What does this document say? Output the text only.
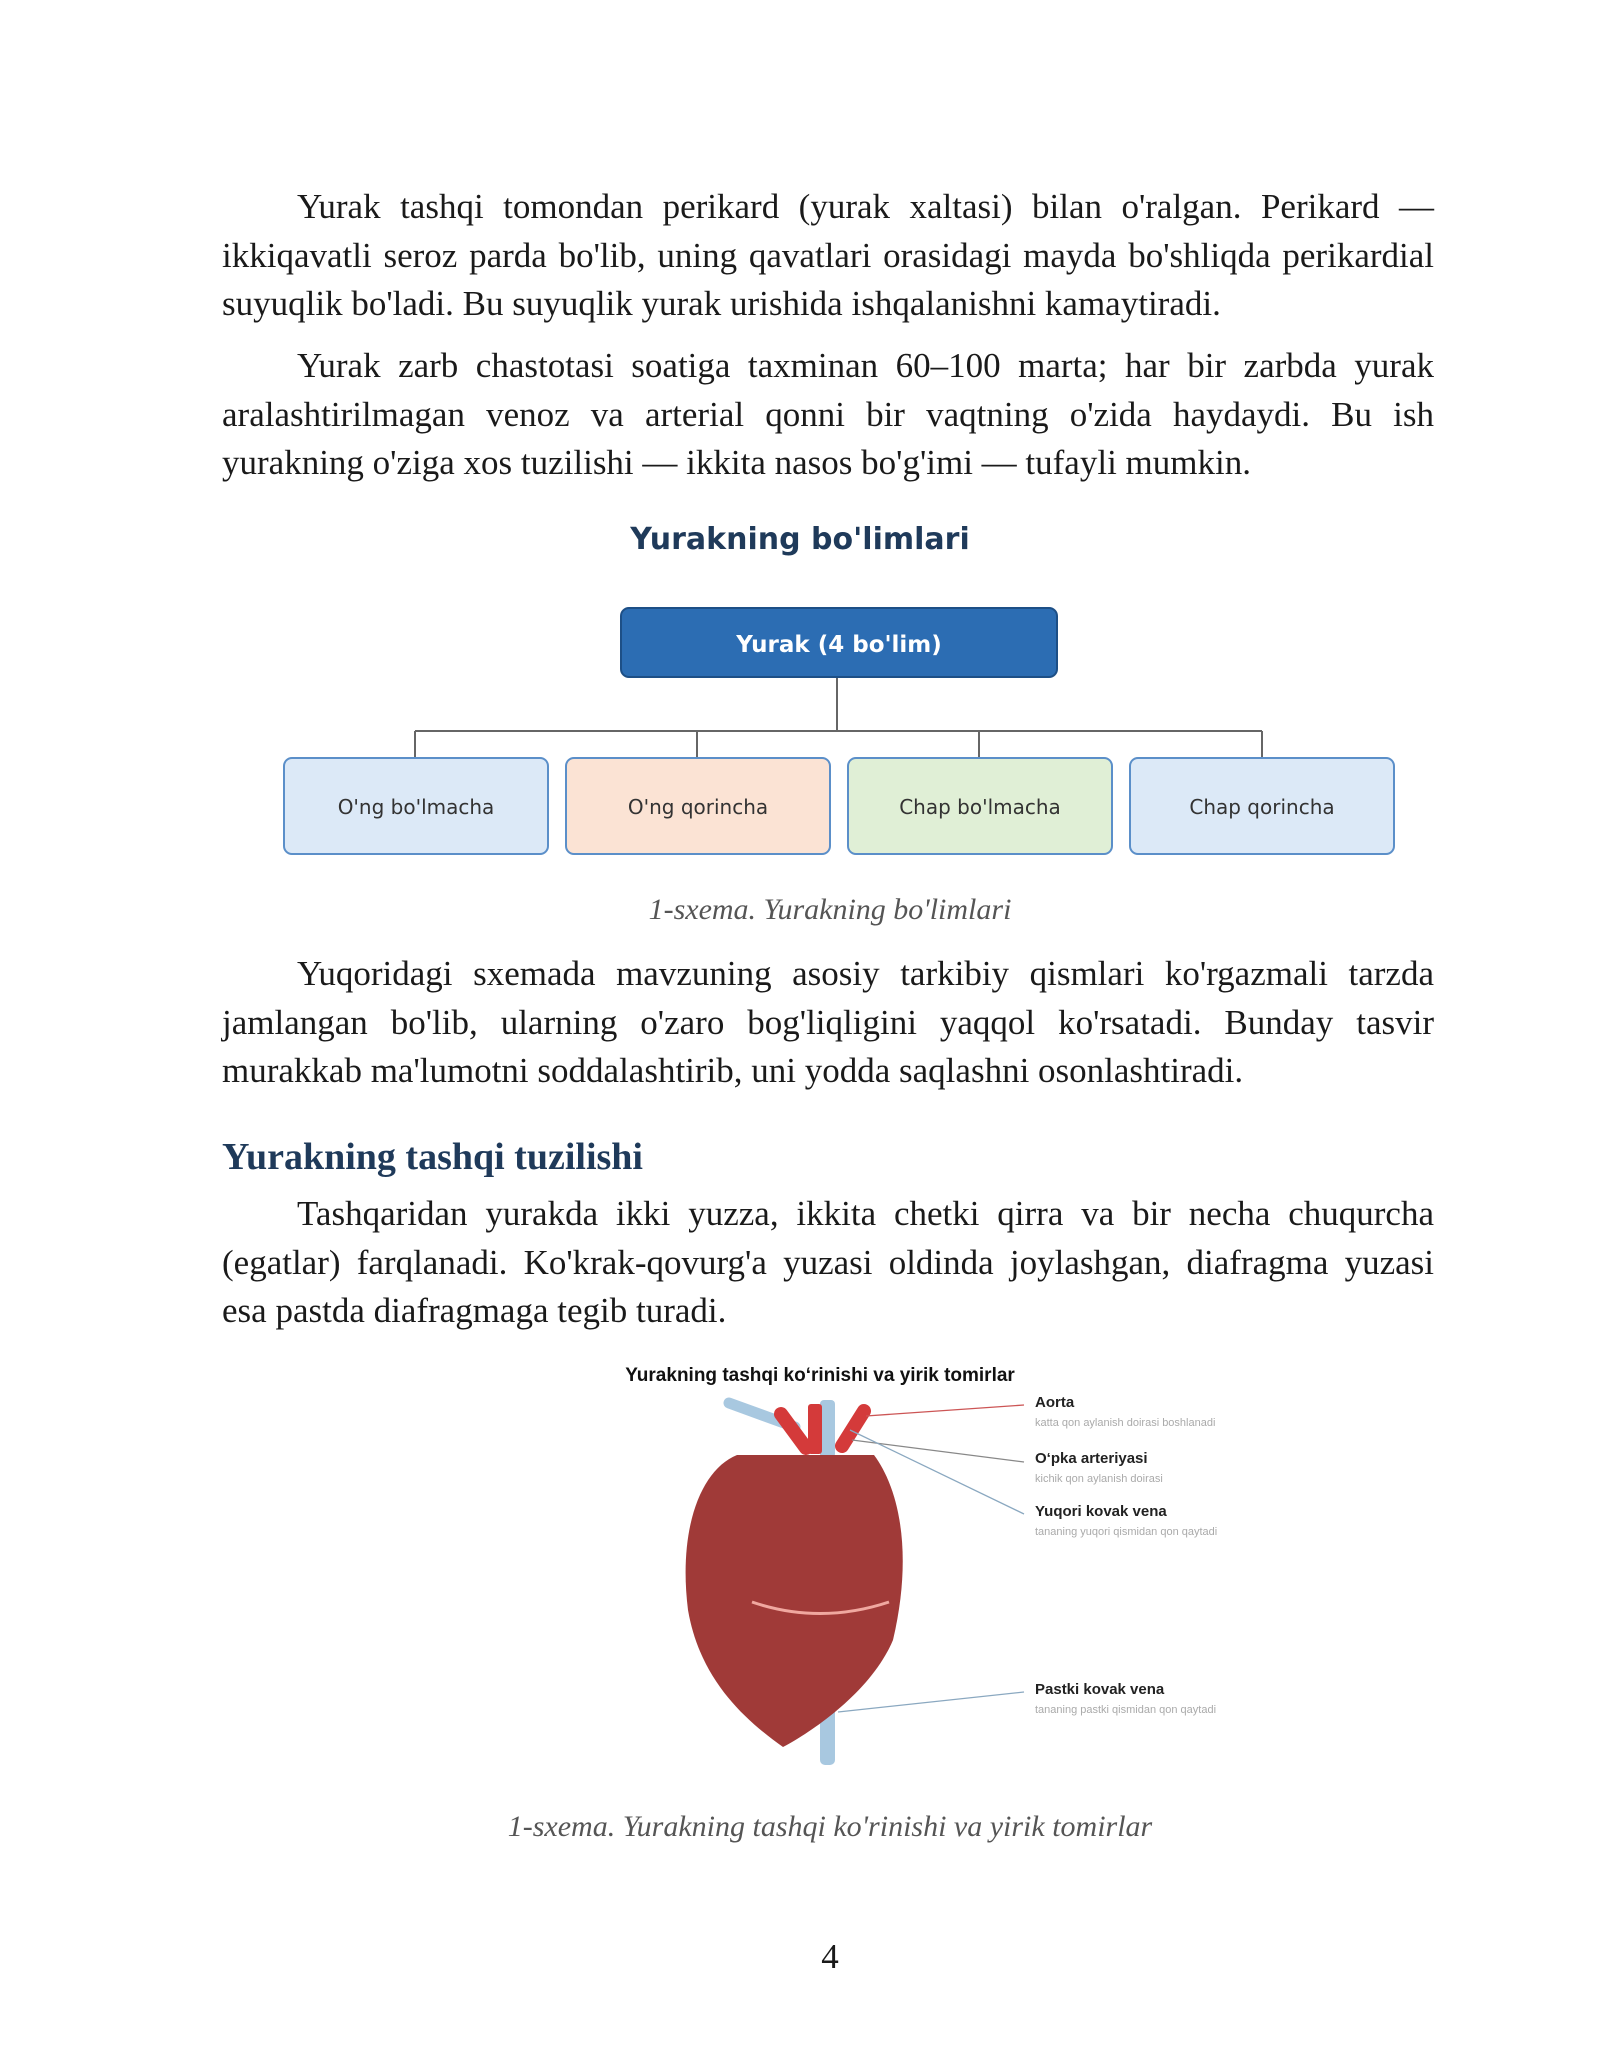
Yurak tashqi tomondan perikard (yurak xaltasi) bilan o'ralgan. Perikard — ikkiqavatli seroz parda bo'lib, uning qavatlari orasidagi mayda bo'shliqda perikardial suyuqlik bo'ladi. Bu suyuqlik yurak urishida ishqalanishni kamaytiradi.

Yurak zarb chastotasi soatiga taxminan 60–100 marta; har bir zarbda yurak aralashtirilmagan venoz va arterial qonni bir vaqtning o'zida haydaydi. Bu ish yurakning o'ziga xos tuzilishi — ikkita nasos bo'g'imi — tufayli mumkin.

Yurakning bo'limlari

Yurak (4 bo'lim)
O'ng bo'lmacha	O'ng qorincha	Chap bo'lmacha	Chap qorincha

1-sxema. Yurakning bo'limlari

Yuqoridagi sxemada mavzuning asosiy tarkibiy qismlari ko'rgazmali tarzda jamlangan bo'lib, ularning o'zaro bog'liqligini yaqqol ko'rsatadi. Bunday tasvir murakkab ma'lumotni soddalashtirib, uni yodda saqlashni osonlashtiradi.

Yurakning tashqi tuzilishi

Tashqaridan yurakda ikki yuzza, ikkita chetki qirra va bir necha chuqurcha (egatlar) farqlanadi. Ko'krak-qovurg'a yuzasi oldinda joylashgan, diafragma yuzasi esa pastda diafragmaga tegib turadi.

Yurakning tashqi ko‘rinishi va yirik tomirlar
Aorta
katta qon aylanish doirasi boshlanadi
O‘pka arteriyasi
kichik qon aylanish doirasi
Yuqori kovak vena
tananing yuqori qismidan qon qaytadi
Pastki kovak vena
tananing pastki qismidan qon qaytadi

1-sxema. Yurakning tashqi ko'rinishi va yirik tomirlar

4
